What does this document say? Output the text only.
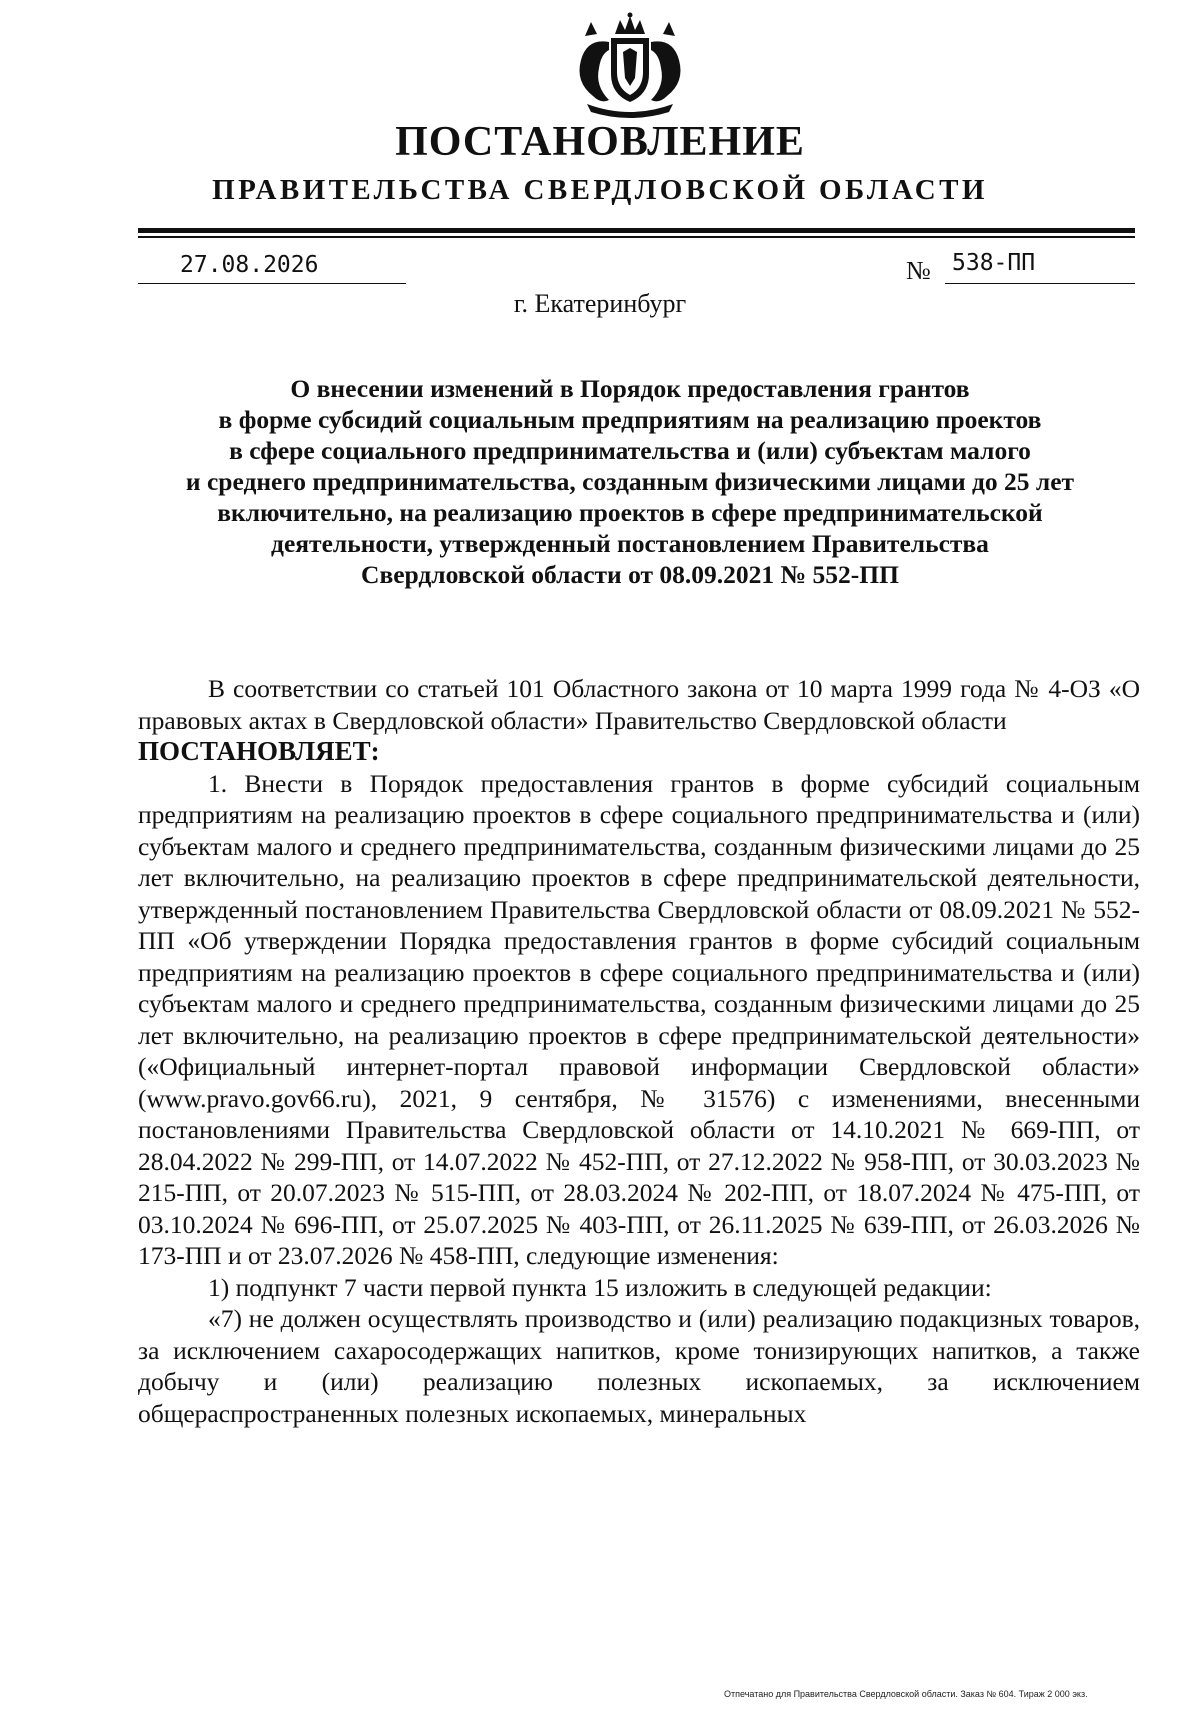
ПОСТАНОВЛЕНИЕ
ПРАВИТЕЛЬСТВА СВЕРДЛОВСКОЙ ОБЛАСТИ
27.08.2026	№ 538-ПП
г. Екатеринбург
О внесении изменений в Порядок предоставления грантов
в форме субсидий социальным предприятиям на реализацию проектов
в сфере социального предпринимательства и (или) субъектам малого
и среднего предпринимательства, созданным физическими лицами до 25 лет
включительно, на реализацию проектов в сфере предпринимательской
деятельности, утвержденный постановлением Правительства
Свердловской области от 08.09.2021 № 552-ПП

В соответствии со статьей 101 Областного закона от 10 марта 1999 года № 4-ОЗ «О правовых актах в Свердловской области» Правительство Свердловской области

ПОСТАНОВЛЯЕТ:

1. Внести в Порядок предоставления грантов в форме субсидий социальным предприятиям на реализацию проектов в сфере социального предпринимательства и (или) субъектам малого и среднего предпринимательства, созданным физическими лицами до 25 лет включительно, на реализацию проектов в сфере предпринимательской деятельности, утвержденный постановлением Правительства Свердловской области от 08.09.2021 № 552-ПП «Об утверждении Порядка предоставления грантов в форме субсидий социальным предприятиям на реализацию проектов в сфере социального предпринимательства и (или) субъектам малого и среднего предпринимательства, созданным физическими лицами до 25 лет включительно, на реализацию проектов в сфере предпринимательской деятельности» («Официальный интернет-портал правовой информации Свердловской области» (www.pravo.gov66.ru), 2021, 9 сентября, № 31576) с изменениями, внесенными постановлениями Правительства Свердловской области от 14.10.2021 № 669-ПП, от 28.04.2022 № 299-ПП, от 14.07.2022 № 452-ПП, от 27.12.2022 № 958-ПП, от 30.03.2023 № 215-ПП, от 20.07.2023 № 515-ПП, от 28.03.2024 № 202-ПП, от 18.07.2024 № 475-ПП, от 03.10.2024 № 696-ПП, от 25.07.2025 № 403-ПП, от 26.11.2025 № 639-ПП, от 26.03.2026 № 173-ПП и от 23.07.2026 № 458-ПП, следующие изменения:

1) подпункт 7 части первой пункта 15 изложить в следующей редакции:

«7) не должен осуществлять производство и (или) реализацию подакцизных товаров, за исключением сахаросодержащих напитков, кроме тонизирующих напитков, а также добычу и (или) реализацию полезных ископаемых, за исключением общераспространенных полезных ископаемых, минеральных

Отпечатано для Правительства Свердловской области. Заказ № 604. Тираж 2 000 экз.
